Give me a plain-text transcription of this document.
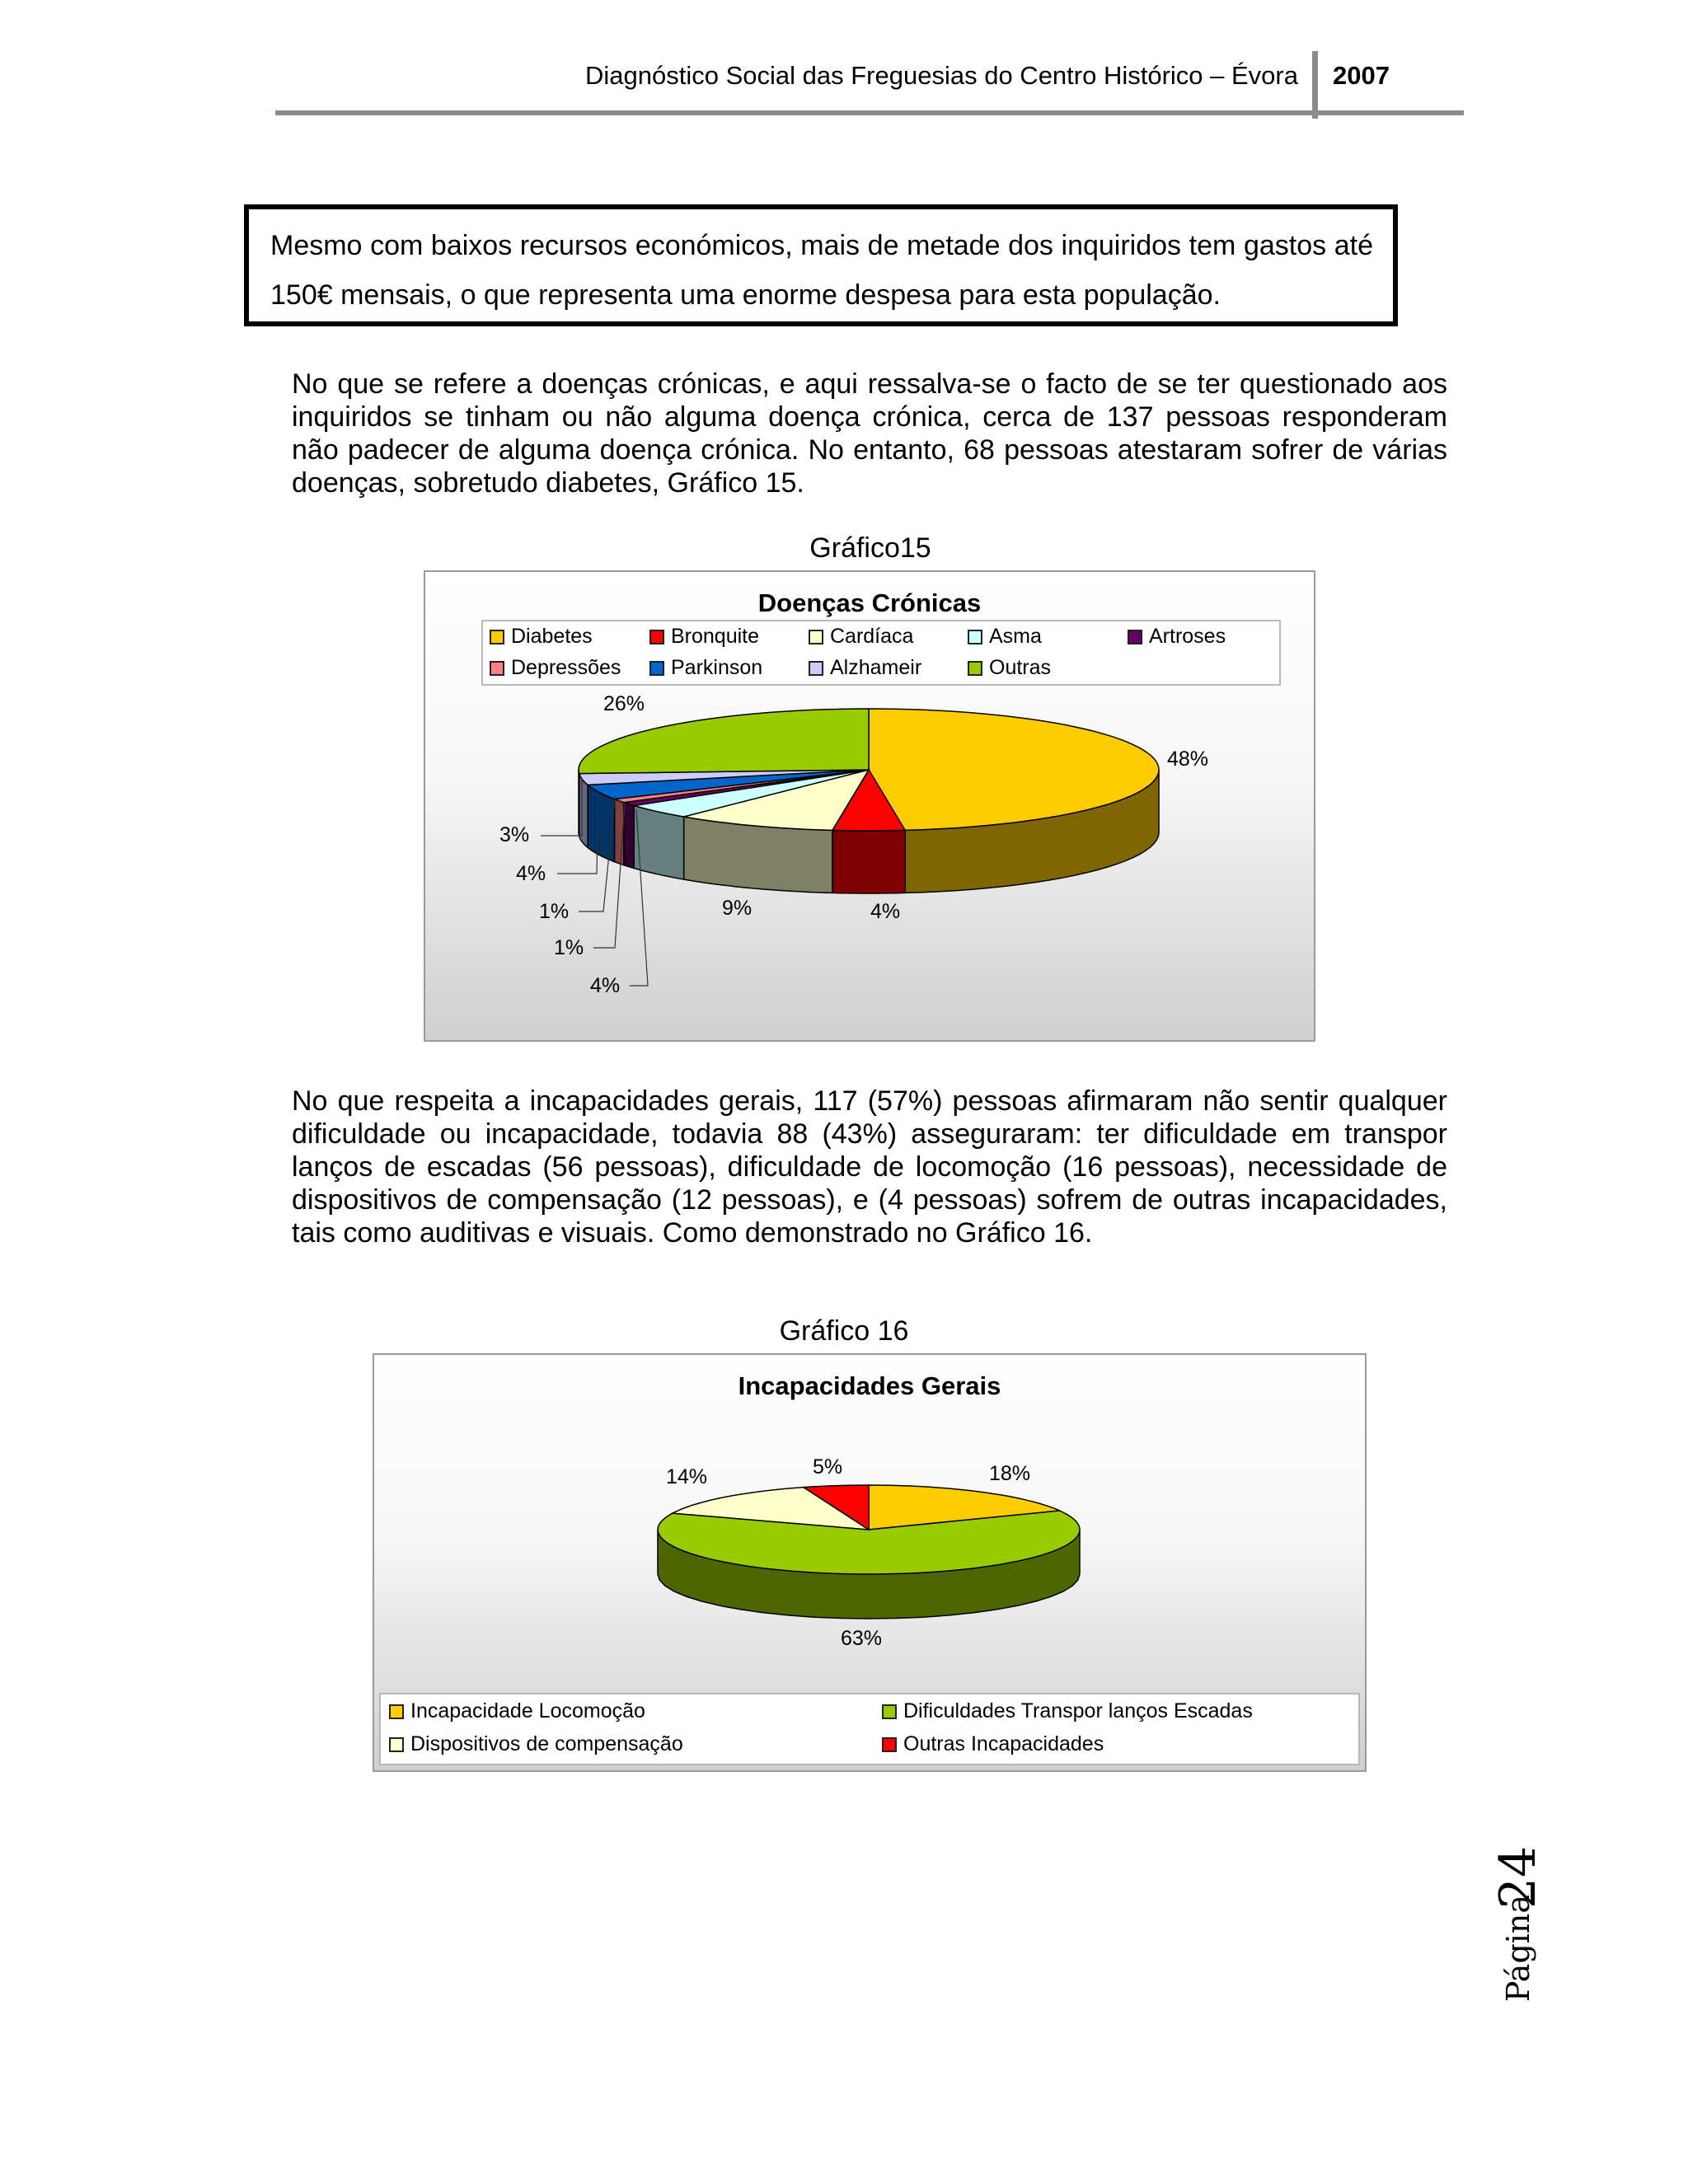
Diagnóstico Social das Freguesias do Centro Histórico – Évora 2007

Mesmo com baixos recursos económicos, mais de metade dos inquiridos tem gastos até 150€ mensais, o que representa uma enorme despesa para esta população.

No que se refere a doenças crónicas, e aqui ressalva-se o facto de se ter questionado aos inquiridos se tinham ou não alguma doença crónica, cerca de 137 pessoas responderam não padecer de alguma doença crónica. No entanto, 68 pessoas atestaram sofrer de várias doenças, sobretudo diabetes, Gráfico 15.

Gráfico15
Doenças Crónicas
Diabetes	Bronquite	Cardíaca	Asma	Artroses
Depressões Parkinson	Alzhameir	Outras
26%
48%
3%
4%
1%
1%
4%
9%	4%

No que respeita a incapacidades gerais, 117 (57%) pessoas afirmaram não sentir qualquer dificuldade ou incapacidade, todavia 88 (43%) asseguraram: ter dificuldade em transpor lanços de escadas (56 pessoas), dificuldade de locomoção (16 pessoas), necessidade de dispositivos de compensação (12 pessoas), e (4 pessoas) sofrem de outras incapacidades, tais como auditivas e visuais. Como demonstrado no Gráfico 16.

Gráfico 16
Incapacidades Gerais
14%	5%	18%
63%
Incapacidade Locomoção	Dificuldades Transpor lanços Escadas
Dispositivos de compensação	Outras Incapacidades
Página
24
